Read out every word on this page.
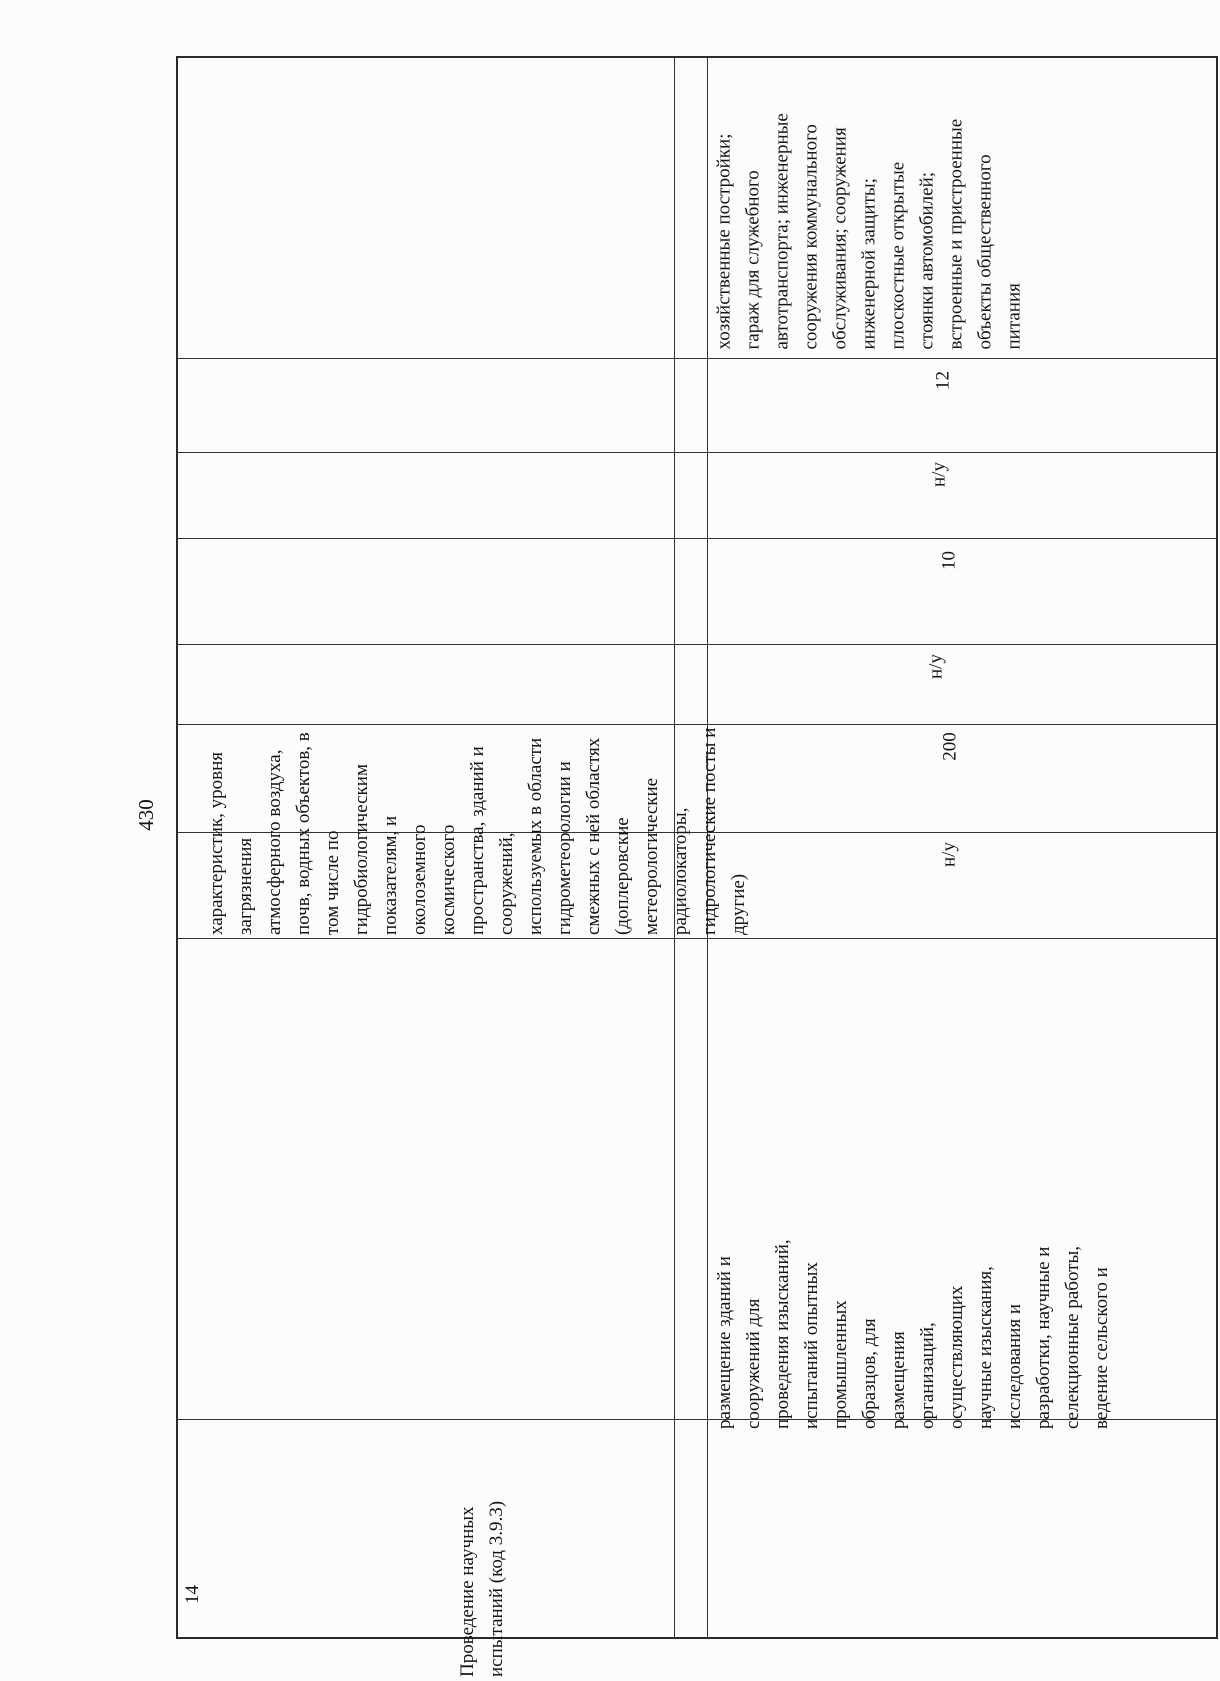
430	характеристик, уровня
загрязнения
атмосферного воздуха,
почв, водных объектов, в
том числе по
гидробиологическим
показателям, и
околоземного
космического
пространства, зданий и
сооружений,
используемых в области
гидрометеорологии и
смежных с ней областях
(доплеровские
метеорологические
радиолокаторы,
гидрологические посты и
другие)
14	Проведение научных
испытаний (код 3.9.3)
размещение зданий и
сооружений для
проведения изысканий,
испытаний опытных
промышленных
образцов, для
размещения
организаций,
осуществляющих
научные изыскания,
исследования и
разработки, научные и
селекционные работы,
ведение сельского и
н/у
200
н/у
10
н/у
12
хозяйственные постройки;
гараж для служебного
автотранспорта; инженерные
сооружения коммунального
обслуживания; сооружения
инженерной защиты;
плоскостные открытые
стоянки автомобилей;
встроенные и пристроенные
объекты общественного
питания
